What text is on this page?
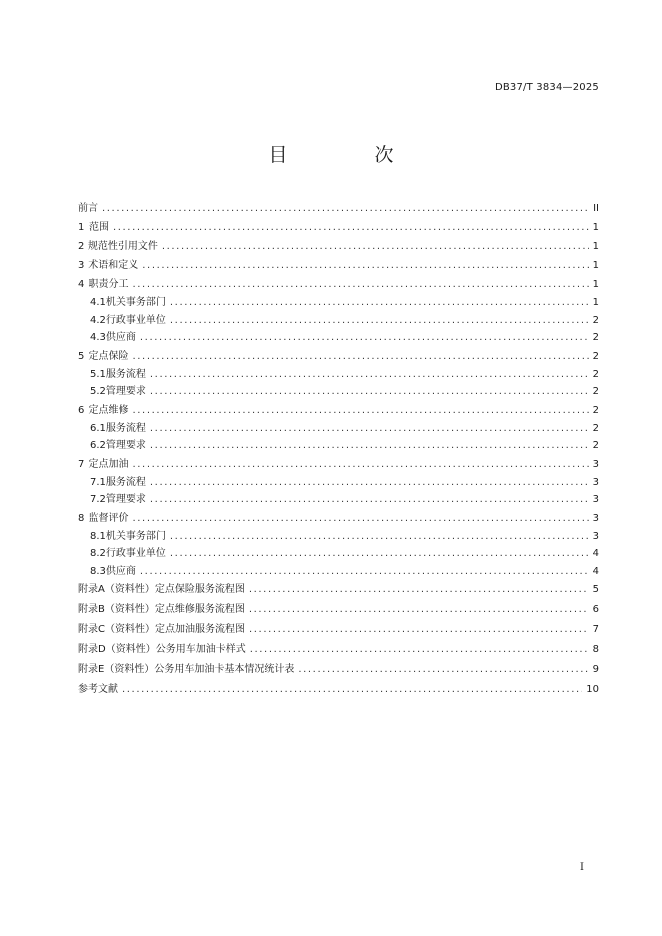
DB37/T 3834—2025
目　次
前言 .....	II
1 范围 .....	1
2 规范性引用文件 .....	1
3 术语和定义 .....	1
4 职责分工 .....	1
4.1 机关事务部门 .....	1
4.2 行政事业单位 .....	2
4.3 供应商 .....	2
5 定点保险 .....	2
5.1 服务流程 .....	2
5.2 管理要求 .....	2
6 定点维修 .....	2
6.1 服务流程 .....	2
6.2 管理要求 .....	2
7 定点加油 .....	3
7.1 服务流程 .....	3
7.2 管理要求 .....	3
8 监督评价 .....	3
8.1 机关事务部门 .....	3
8.2 行政事业单位 .....	4
8.3 供应商 .....	4
附录A（资料性） 定点保险服务流程图 .....	5
附录B（资料性） 定点维修服务流程图 .....	6
附录C（资料性） 定点加油服务流程图 .....	7
附录D（资料性） 公务用车加油卡样式 .....	8
附录E（资料性） 公务用车加油卡基本情况统计表 .....	9
参考文献 .....	10
I
